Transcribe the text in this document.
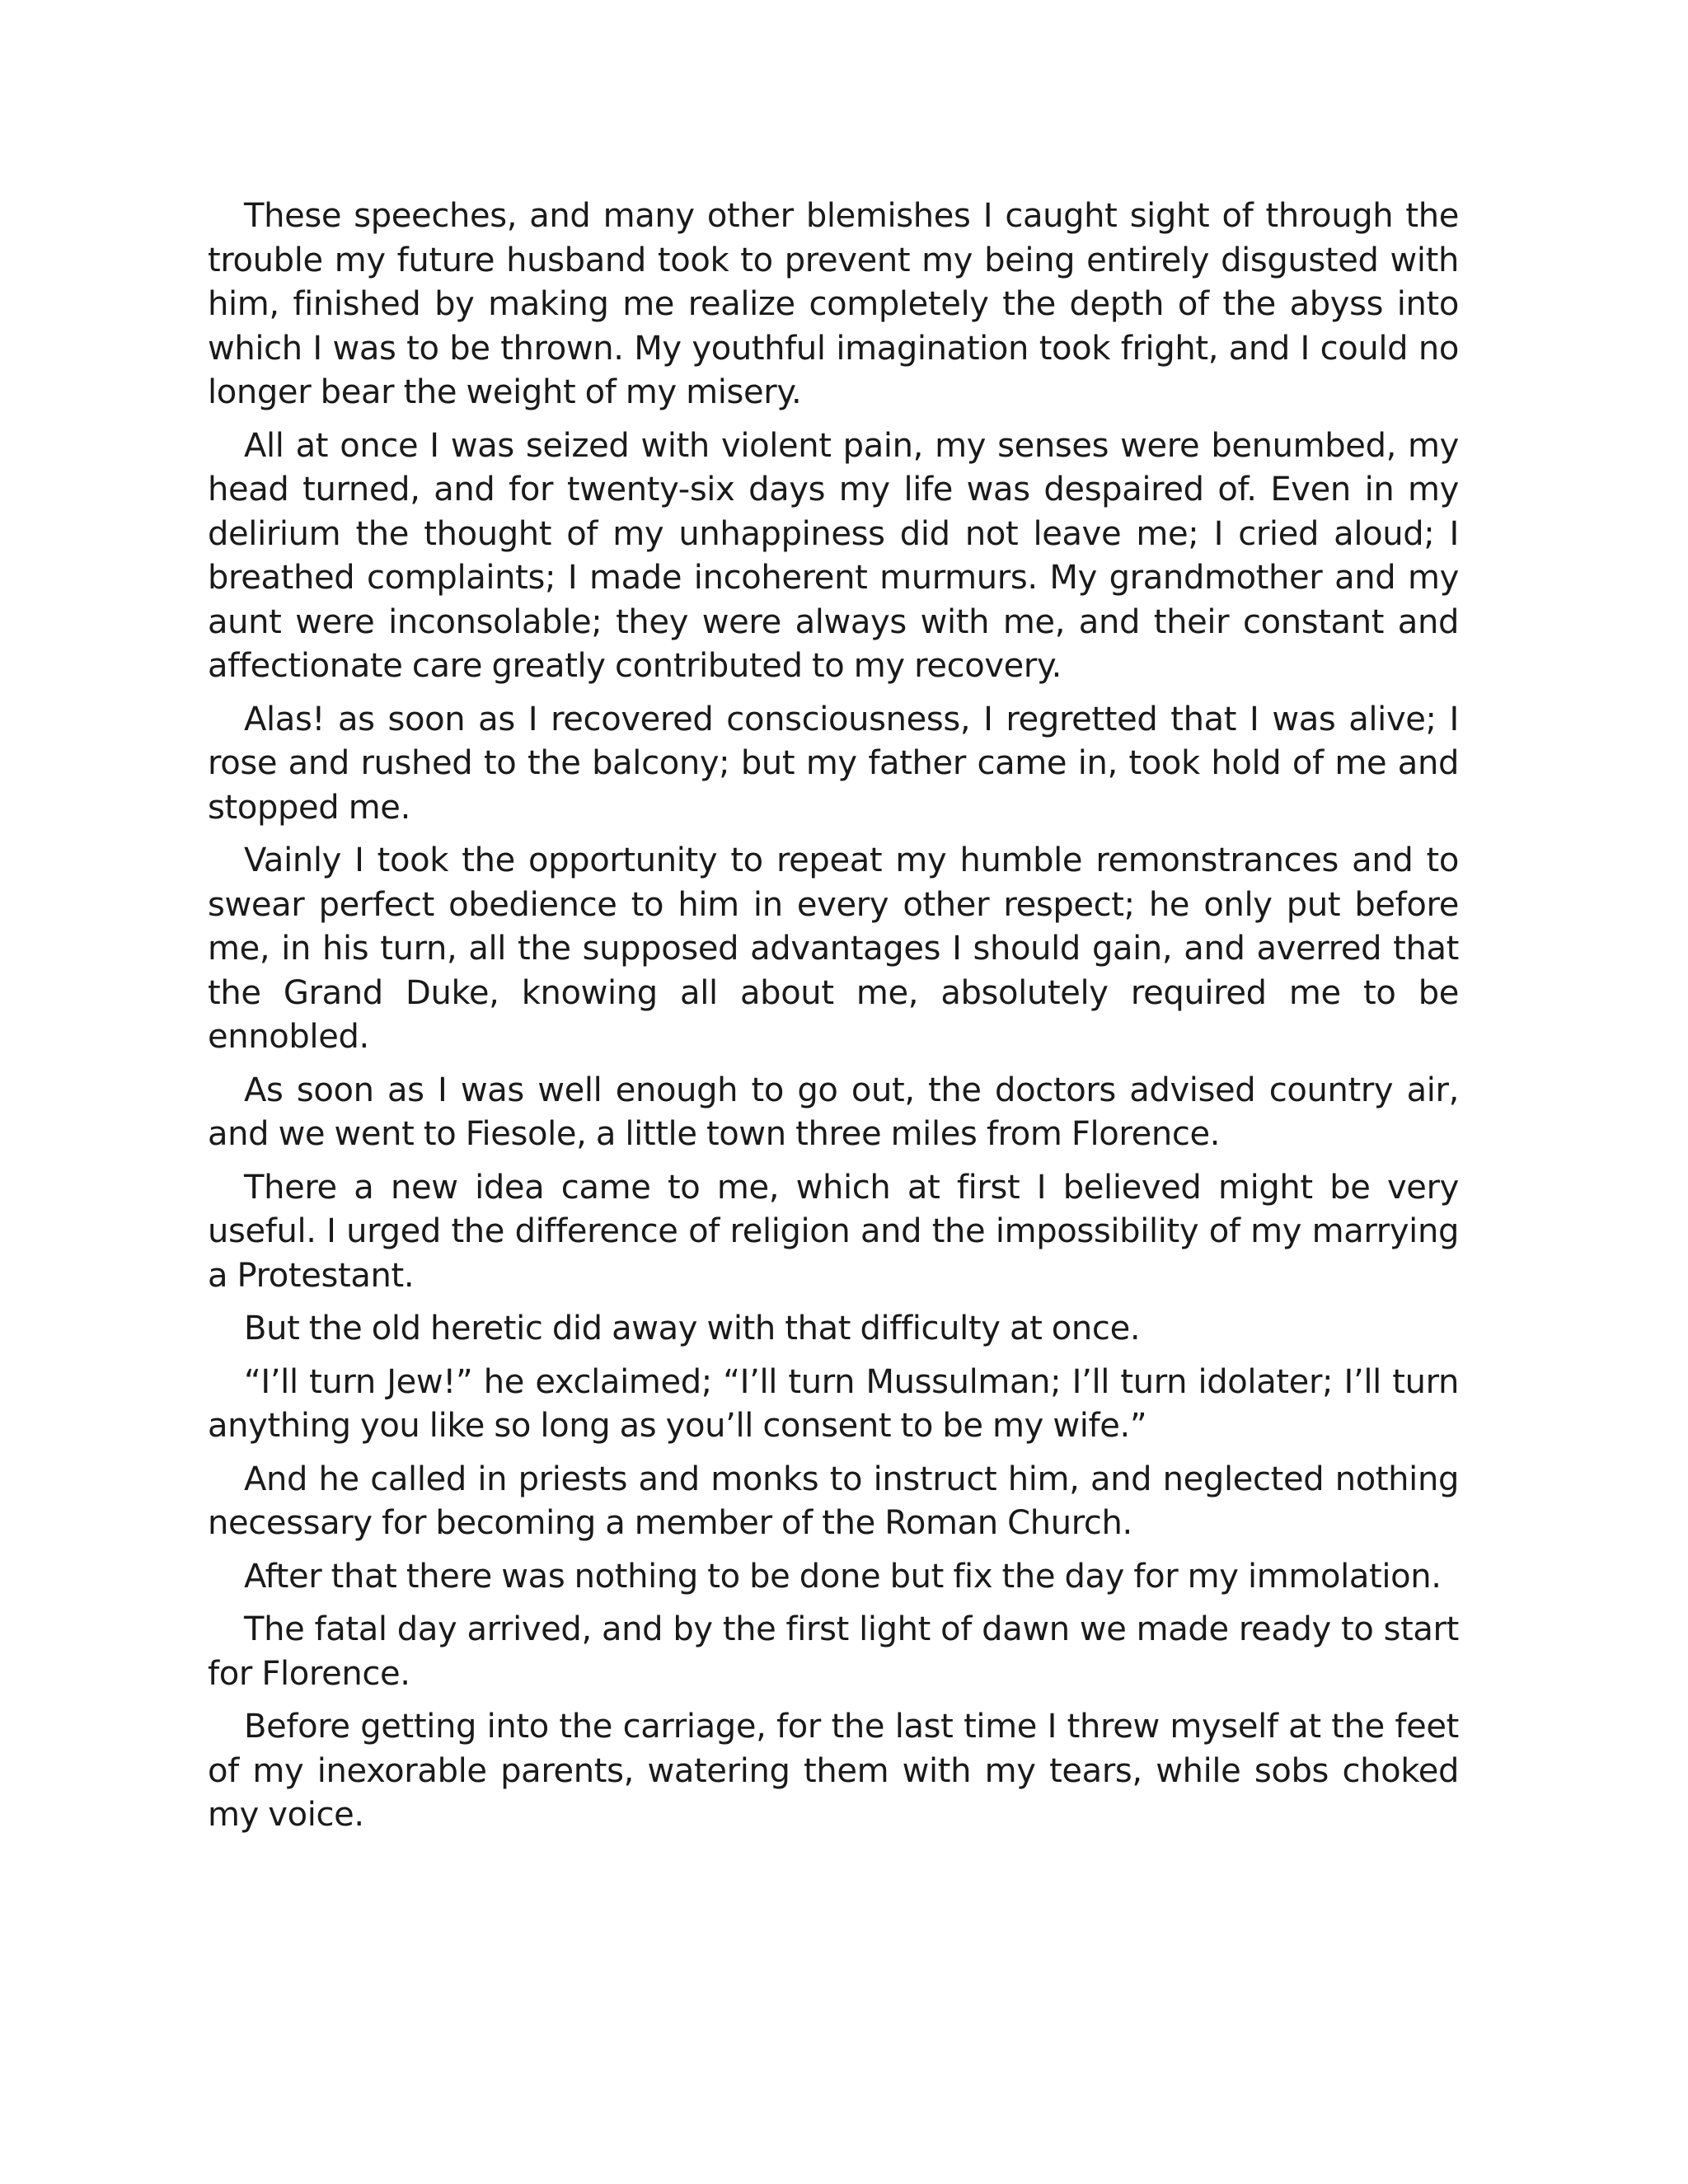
These speeches, and many other blemishes I caught sight of through the trouble my future husband took to prevent my being entirely disgusted with him, finished by making me realize completely the depth of the abyss into which I was to be thrown. My youthful imagination took fright, and I could no longer bear the weight of my misery.

All at once I was seized with violent pain, my senses were benumbed, my head turned, and for twenty-six days my life was despaired of. Even in my delirium the thought of my unhappiness did not leave me; I cried aloud; I breathed complaints; I made incoherent murmurs. My grandmother and my aunt were inconsolable; they were always with me, and their constant and affectionate care greatly contributed to my recovery.

Alas! as soon as I recovered consciousness, I regretted that I was alive; I rose and rushed to the balcony; but my father came in, took hold of me and stopped me.

Vainly I took the opportunity to repeat my humble remonstrances and to swear perfect obedience to him in every other respect; he only put before me, in his turn, all the supposed advantages I should gain, and averred that the Grand Duke, knowing all about me, absolutely required me to be ennobled.

As soon as I was well enough to go out, the doctors advised country air, and we went to Fiesole, a little town three miles from Florence.

There a new idea came to me, which at first I believed might be very useful. I urged the difference of religion and the impossibility of my marrying a Protestant.

But the old heretic did away with that difficulty at once.

“I’ll turn Jew!” he exclaimed; “I’ll turn Mussulman; I’ll turn idolater; I’ll turn anything you like so long as you’ll consent to be my wife.”

And he called in priests and monks to instruct him, and neglected nothing necessary for becoming a member of the Roman Church.

After that there was nothing to be done but fix the day for my immolation.

The fatal day arrived, and by the first light of dawn we made ready to start for Florence.

Before getting into the carriage, for the last time I threw myself at the feet of my inexorable parents, watering them with my tears, while sobs choked my voice.
